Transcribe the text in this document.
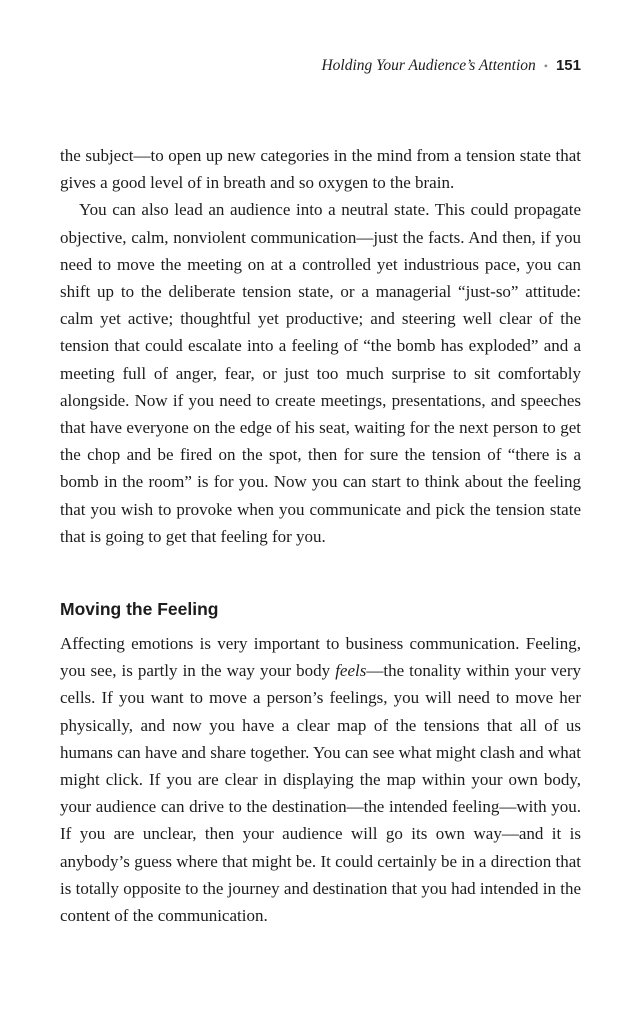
Holding Your Audience’s Attention • 151

the subject—to open up new categories in the mind from a tension state that gives a good level of in breath and so oxygen to the brain.

You can also lead an audience into a neutral state. This could propagate objective, calm, nonviolent communication—just the facts. And then, if you need to move the meeting on at a controlled yet industrious pace, you can shift up to the deliberate tension state, or a managerial “just-so” attitude: calm yet active; thoughtful yet productive; and steering well clear of the tension that could escalate into a feeling of “the bomb has exploded” and a meeting full of anger, fear, or just too much surprise to sit comfortably alongside. Now if you need to create meetings, presentations, and speeches that have everyone on the edge of his seat, waiting for the next person to get the chop and be fired on the spot, then for sure the tension of “there is a bomb in the room” is for you. Now you can start to think about the feeling that you wish to provoke when you communicate and pick the tension state that is going to get that feeling for you.

Moving the Feeling

Affecting emotions is very important to business communication. Feeling, you see, is partly in the way your body feels—the tonality within your very cells. If you want to move a person’s feelings, you will need to move her physically, and now you have a clear map of the tensions that all of us humans can have and share together. You can see what might clash and what might click. If you are clear in displaying the map within your own body, your audience can drive to the destination—the intended feeling—with you. If you are unclear, then your audience will go its own way—and it is anybody’s guess where that might be. It could certainly be in a direction that is totally opposite to the journey and destination that you had intended in the content of the communication.
